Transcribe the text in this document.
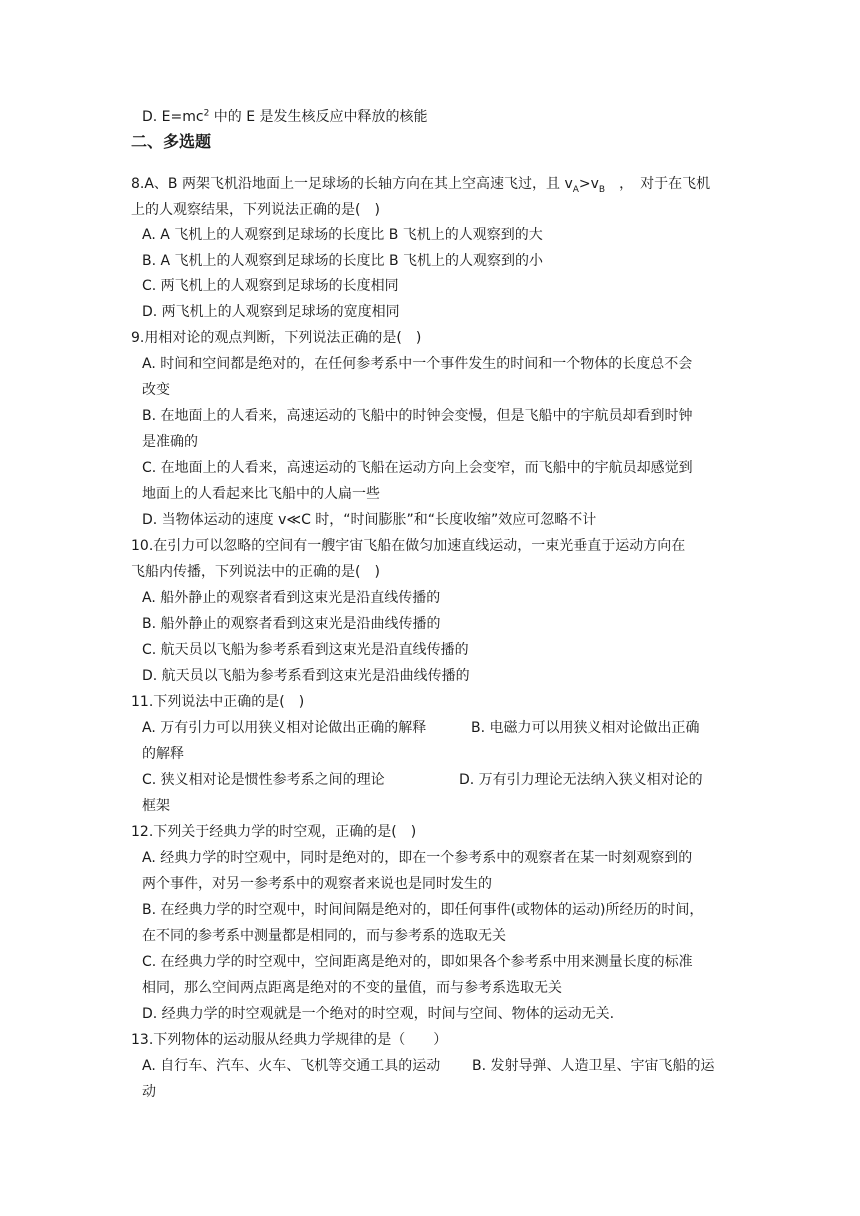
D. $E=mc^2$ 中的 E 是发生核反应中释放的核能
二、多选题
8.A、B 两架飞机沿地面上一足球场的长轴方向在其上空高速飞过，且 $v_A>v_B$　，　对于在飞机
上的人观察结果，下列说法正确的是(　)
A. A 飞机上的人观察到足球场的长度比 B 飞机上的人观察到的大
B. A 飞机上的人观察到足球场的长度比 B 飞机上的人观察到的小
C. 两飞机上的人观察到足球场的长度相同
D. 两飞机上的人观察到足球场的宽度相同
9.用相对论的观点判断，下列说法正确的是(　)
A. 时间和空间都是绝对的，在任何参考系中一个事件发生的时间和一个物体的长度总不会
改变
B. 在地面上的人看来，高速运动的飞船中的时钟会变慢，但是飞船中的宇航员却看到时钟
是准确的
C. 在地面上的人看来，高速运动的飞船在运动方向上会变窄，而飞船中的宇航员却感觉到
地面上的人看起来比飞船中的人扁一些
D. 当物体运动的速度 v≪C 时，“时间膨胀”和“长度收缩”效应可忽略不计
10.在引力可以忽略的空间有一艘宇宙飞船在做匀加速直线运动，一束光垂直于运动方向在
飞船内传播，下列说法中的正确的是(　)
A. 船外静止的观察者看到这束光是沿直线传播的
B. 船外静止的观察者看到这束光是沿曲线传播的
C. 航天员以飞船为参考系看到这束光是沿直线传播的
D. 航天员以飞船为参考系看到这束光是沿曲线传播的
11.下列说法中正确的是(　)
A. 万有引力可以用狭义相对论做出正确的解释	B. 电磁力可以用狭义相对论做出正确
的解释
C. 狭义相对论是惯性参考系之间的理论	D. 万有引力理论无法纳入狭义相对论的
框架
12.下列关于经典力学的时空观，正确的是(　)
A. 经典力学的时空观中，同时是绝对的，即在一个参考系中的观察者在某一时刻观察到的
两个事件，对另一参考系中的观察者来说也是同时发生的
B. 在经典力学的时空观中，时间间隔是绝对的，即任何事件(或物体的运动)所经历的时间，
在不同的参考系中测量都是相同的，而与参考系的选取无关
C. 在经典力学的时空观中，空间距离是绝对的，即如果各个参考系中用来测量长度的标准
相同，那么空间两点距离是绝对的不变的量值，而与参考系选取无关
D. 经典力学的时空观就是一个绝对的时空观，时间与空间、物体的运动无关.
13.下列物体的运动服从经典力学规律的是（　　）
A. 自行车、汽车、火车、飞机等交通工具的运动 B. 发射导弹、人造卫星、宇宙飞船的运
动
